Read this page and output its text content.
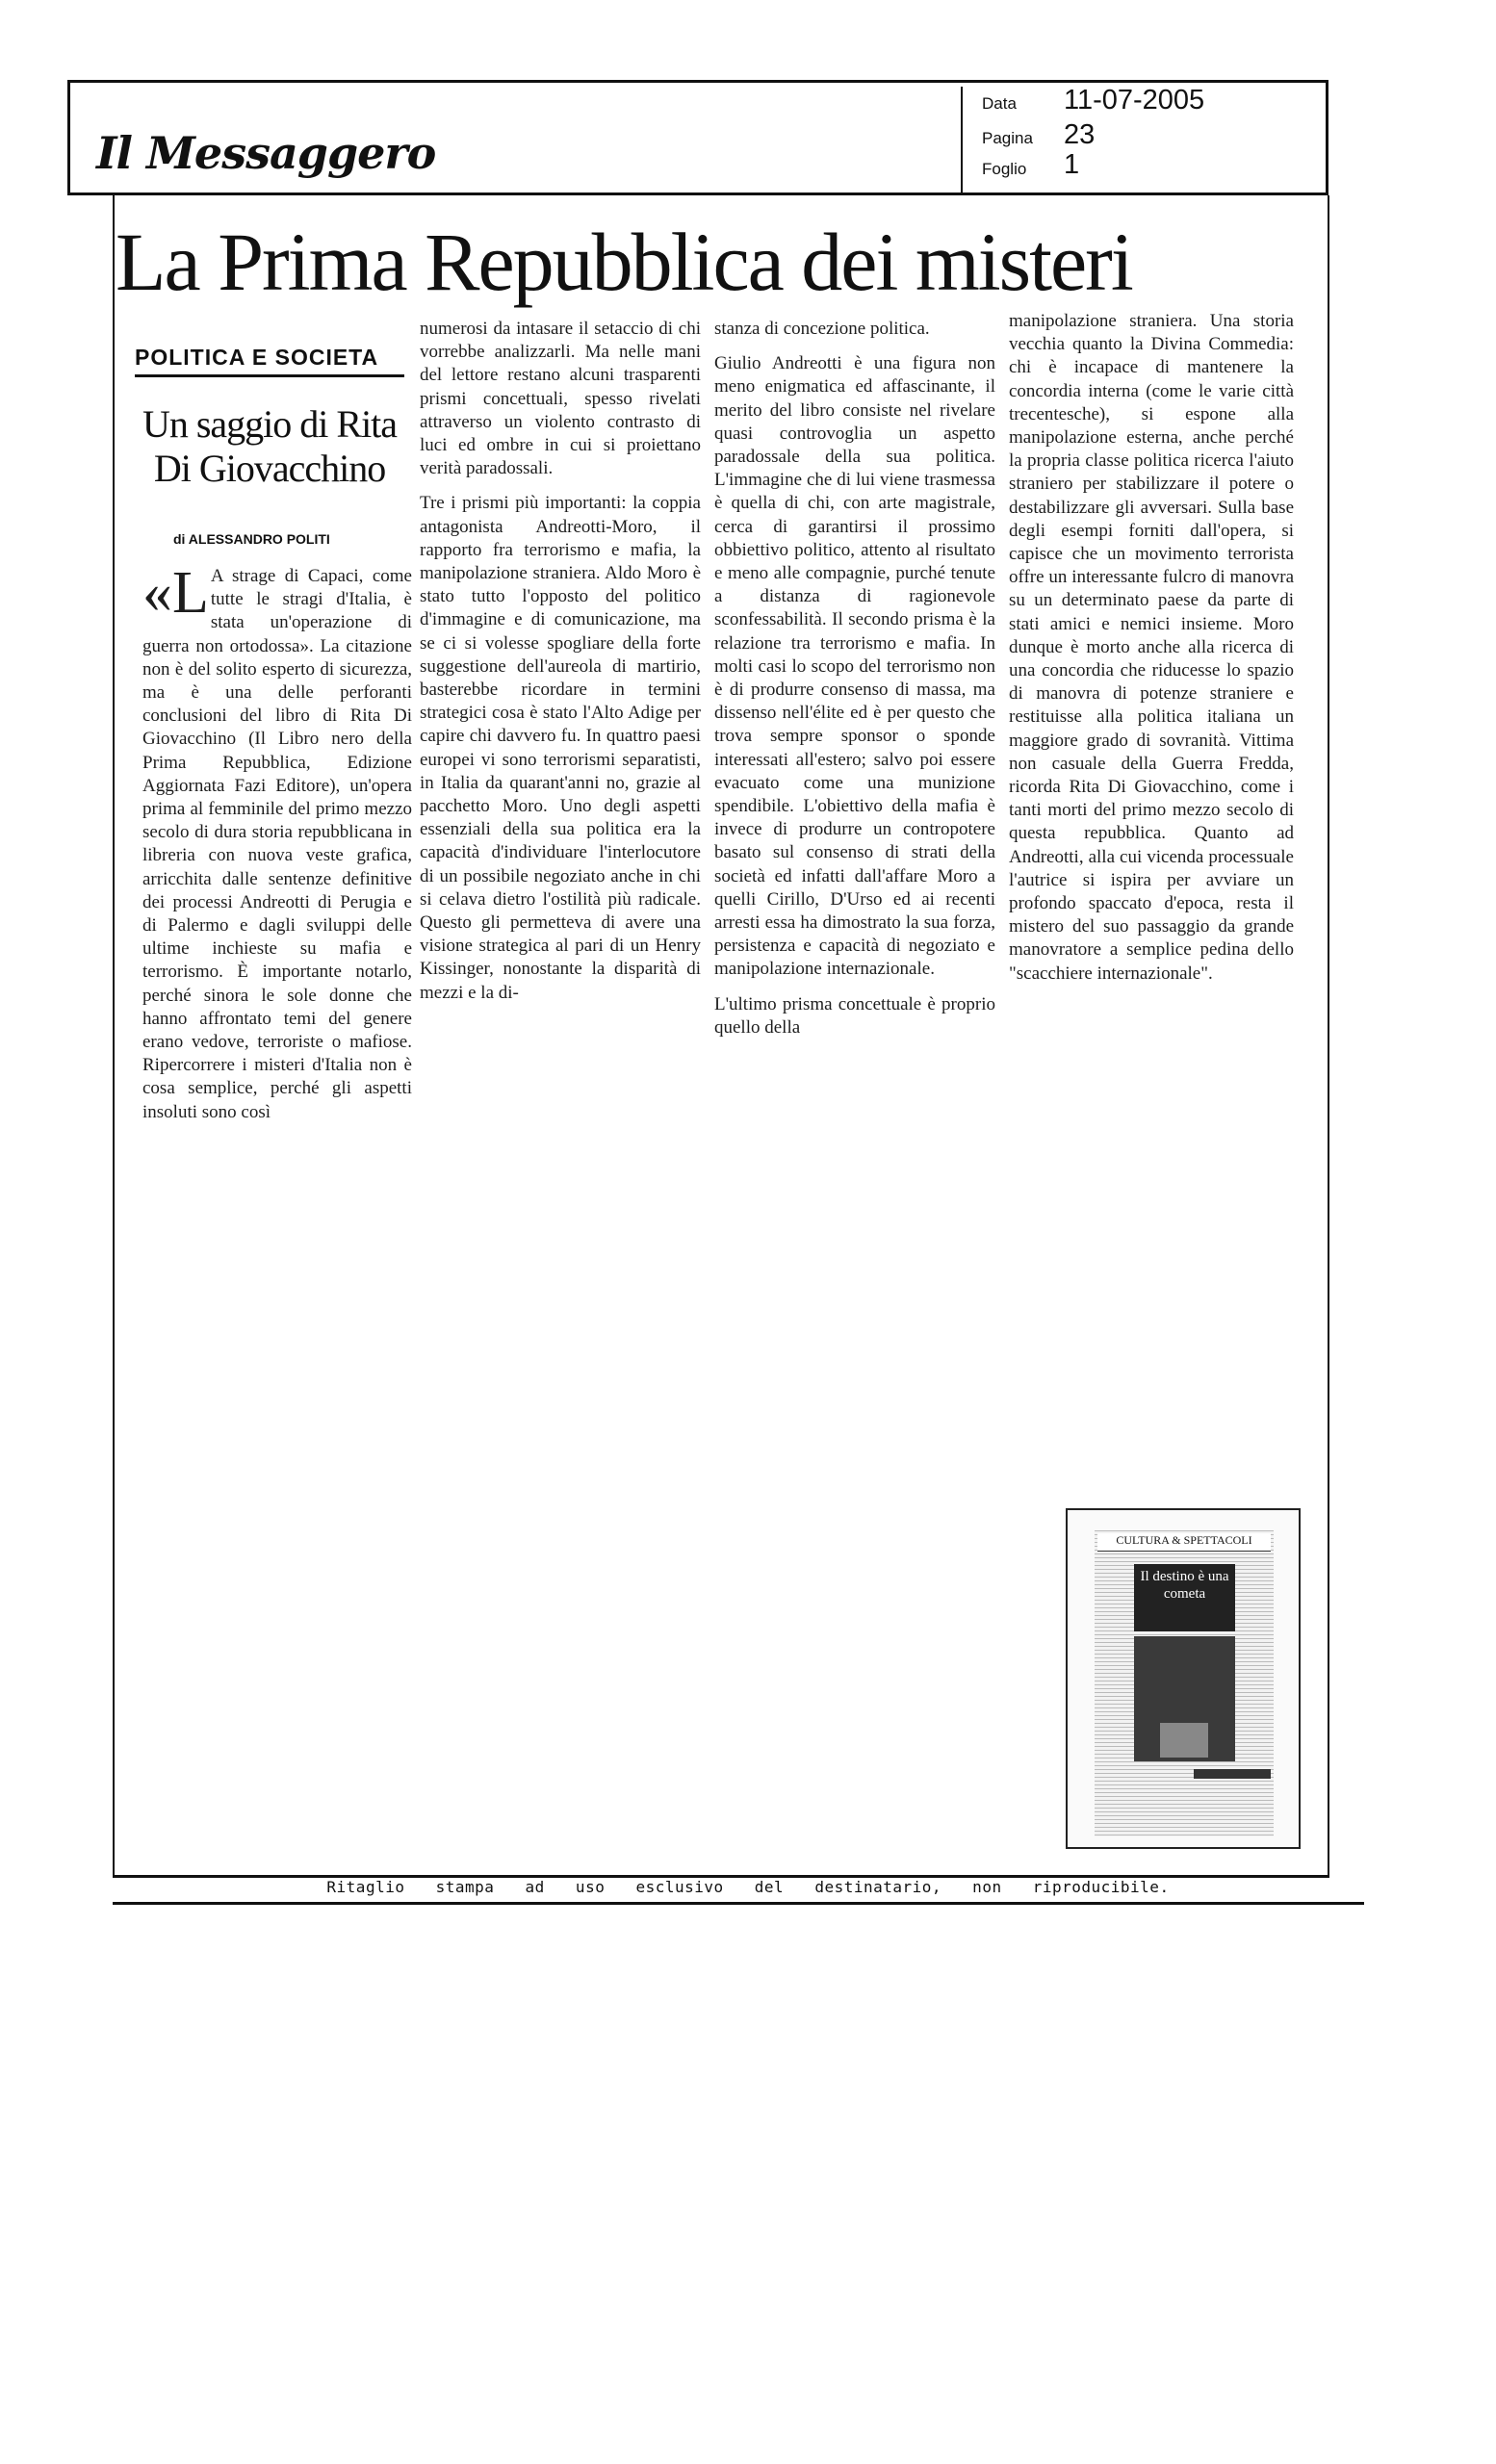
Il Messaggero
Data 11-07-2005
Pagina 23
Foglio 1
La Prima Repubblica dei misteri
POLITICA E SOCIETA
Un saggio di Rita
Di Giovacchino
di ALESSANDRO POLITI

«L A strage di Capaci, come tutte le stragi d'Italia, è stata un'operazione di guerra non ortodossa». La citazione non è del solito esperto di sicurezza, ma è una delle perforanti conclusioni del libro di Rita Di Giovacchino (Il Libro nero della Prima Repubblica, Edizione Aggiornata Fazi Editore), un'opera prima al femminile del primo mezzo secolo di dura storia repubblicana in libreria con nuova veste grafica, arricchita dalle sentenze definitive dei processi Andreotti di Perugia e di Palermo e dagli sviluppi delle ultime inchieste su mafia e terrorismo. È importante notarlo, perché sinora le sole donne che hanno affrontato temi del genere erano vedove, terroriste o mafiose. Ripercorrere i misteri d'Italia non è cosa semplice, perché gli aspetti insoluti sono così

numerosi da intasare il setaccio di chi vorrebbe analizzarli. Ma nelle mani del lettore restano alcuni trasparenti prismi concettuali, spesso rivelati attraverso un violento contrasto di luci ed ombre in cui si proiettano verità paradossali.

Tre i prismi più importanti: la coppia antagonista Andreotti-Moro, il rapporto fra terrorismo e mafia, la manipolazione straniera. Aldo Moro è stato tutto l'opposto del politico d'immagine e di comunicazione, ma se ci si volesse spogliare della forte suggestione dell'aureola di martirio, basterebbe ricordare in termini strategici cosa è stato l'Alto Adige per capire chi davvero fu. In quattro paesi europei vi sono terrorismi separatisti, in Italia da quarant'anni no, grazie al pacchetto Moro. Uno degli aspetti essenziali della sua politica era la capacità d'individuare l'interlocutore di un possibile negoziato anche in chi si celava dietro l'ostilità più radicale. Questo gli permetteva di avere una visione strategica al pari di un Henry Kissinger, nonostante la disparità di mezzi e la di-

stanza di concezione politica.

Giulio Andreotti è una figura non meno enigmatica ed affascinante, il merito del libro consiste nel rivelare quasi controvoglia un aspetto paradossale della sua politica. L'immagine che di lui viene trasmessa è quella di chi, con arte magistrale, cerca di garantirsi il prossimo obbiettivo politico, attento al risultato e meno alle compagnie, purché tenute a distanza di ragionevole sconfessabilità. Il secondo prisma è la relazione tra terrorismo e mafia. In molti casi lo scopo del terrorismo non è di produrre consenso di massa, ma dissenso nell'élite ed è per questo che trova sempre sponsor o sponde interessati all'estero; salvo poi essere evacuato come una munizione spendibile. L'obiettivo della mafia è invece di produrre un contropotere basato sul consenso di strati della società ed infatti dall'affare Moro a quelli Cirillo, D'Urso ed ai recenti arresti essa ha dimostrato la sua forza, persistenza e capacità di negoziato e manipolazione internazionale.

L'ultimo prisma concettuale è proprio quello della

manipolazione straniera. Una storia vecchia quanto la Divina Commedia: chi è incapace di mantenere la concordia interna (come le varie città trecentesche), si espone alla manipolazione esterna, anche perché la propria classe politica ricerca l'aiuto straniero per stabilizzare il potere o destabilizzare gli avversari. Sulla base degli esempi forniti dall'opera, si capisce che un movimento terrorista offre un interessante fulcro di manovra su un determinato paese da parte di stati amici e nemici insieme. Moro dunque è morto anche alla ricerca di una concordia che riducesse lo spazio di manovra di potenze straniere e restituisse alla politica italiana un maggiore grado di sovranità. Vittima non casuale della Guerra Fredda, ricorda Rita Di Giovacchino, come i tanti morti del primo mezzo secolo di questa repubblica. Quanto ad Andreotti, alla cui vicenda processuale l'autrice si ispira per avviare un profondo spaccato d'epoca, resta il mistero del suo passaggio da grande manovratore a semplice pedina dello "scacchiere internazionale".

CULTURA & SPETTACOLI
Il destino è una cometa
Ritaglio stampa ad uso esclusivo del destinatario, non riproducibile.
